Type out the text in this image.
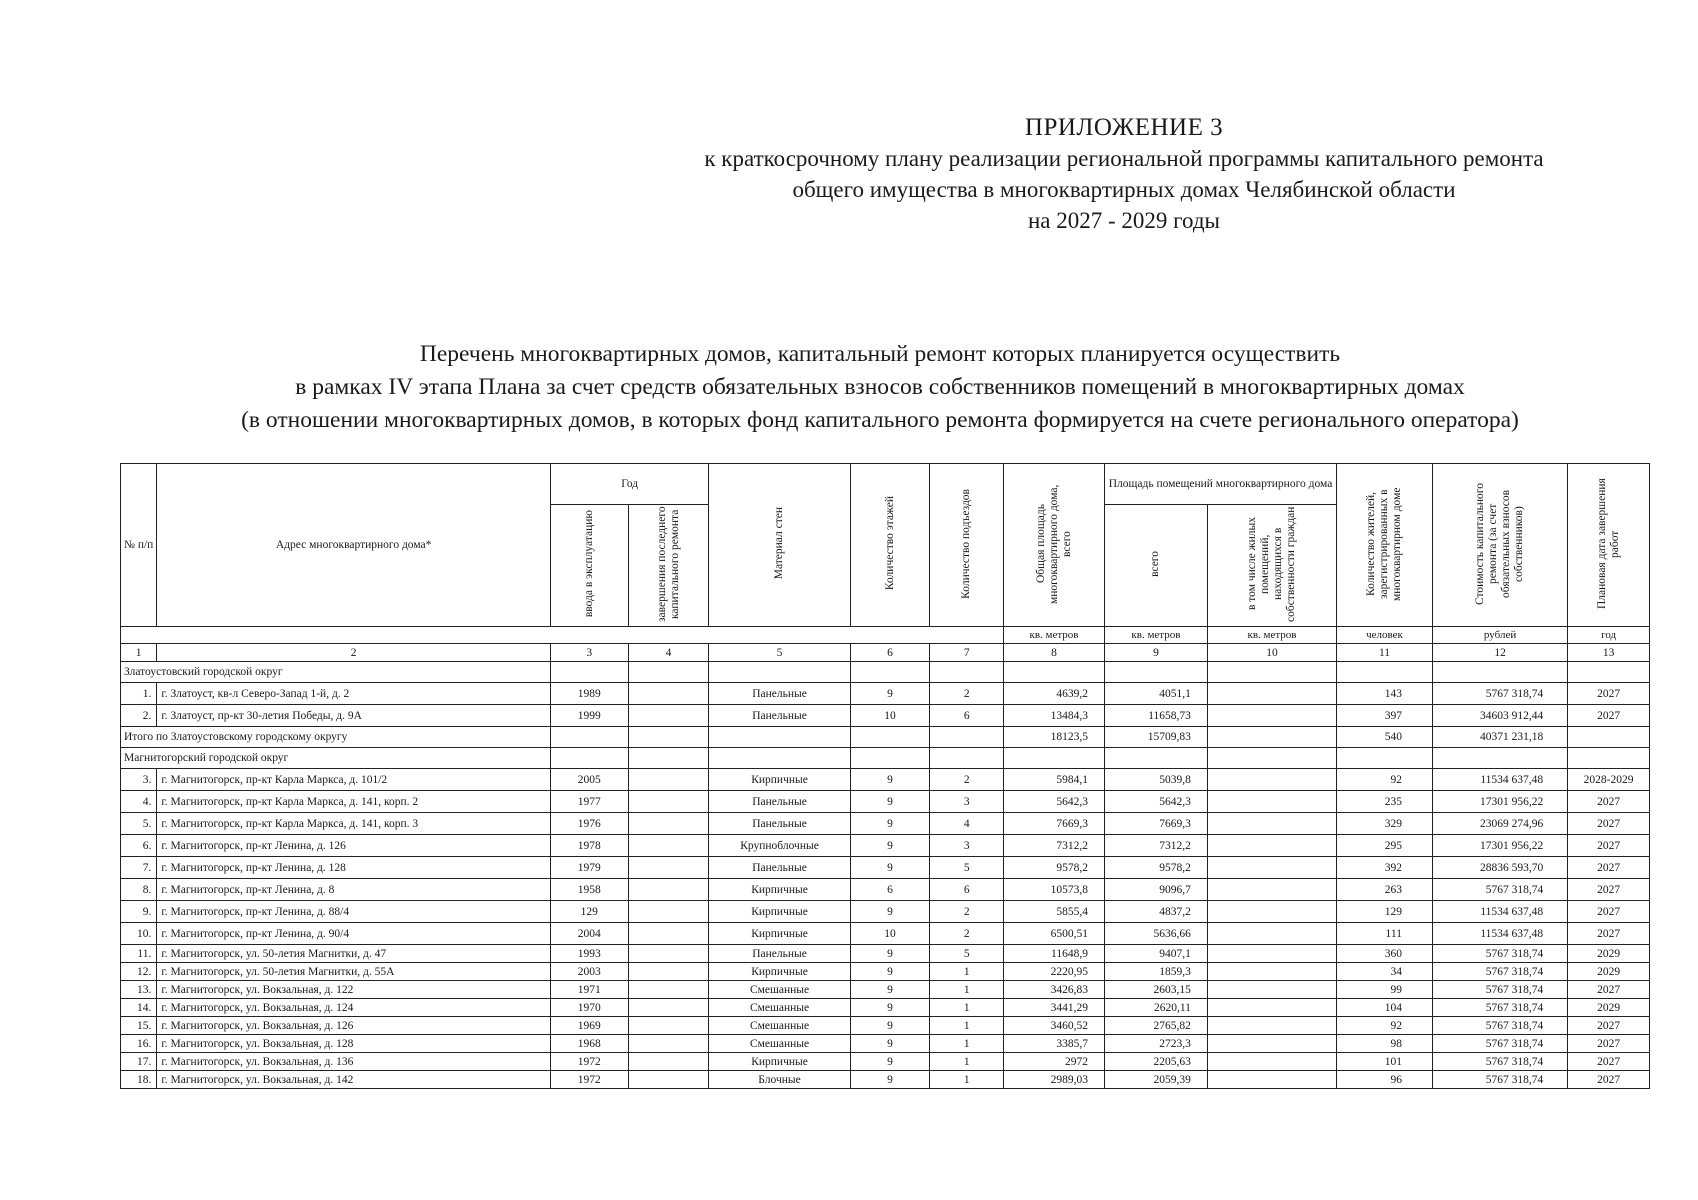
ПРИЛОЖЕНИЕ 3
к краткосрочному плану реализации региональной программы капитального ремонта
общего имущества в многоквартирных домах Челябинской области
на 2027 - 2029 годы
Перечень многоквартирных домов, капитальный ремонт которых планируется осуществить
в рамках IV этапа Плана за счет средств обязательных взносов собственников помещений в многоквартирных домах
(в отношении многоквартирных домов, в которых фонд капитального ремонта формируется на счете регионального оператора)
№ п/п	Адрес многоквартирного дома*	Год		Материал стен	Количество этажей	Количество подъездов	Общая площадь многоквартирного дома, всего	Площадь помещений многоквартирного дома		Количество жителей, зарегистрированных в многоквартирном доме	Стоимость капитального ремонта (за счет обязательных взносов собственников)	Плановая дата завершения работ
		ввода в эксплуатацию	завершения последнего капитального ремонта					всего	в том числе жилых помещений, находящихся в собственности граждан			
							кв. метров	кв. метров	кв. метров	человек	рублей	год
1	2	3	4	5	6	7	8	9	10	11	12	13
Златоустовский городской округ												
1.	г. Златоуст, кв-л Северо-Запад 1-й, д. 2	1989		Панельные	9	2	4639,2	4051,1		143	5767 318,74	2027
2.	г. Златоуст, пр-кт 30-летия Победы, д. 9А	1999		Панельные	10	6	13484,3	11658,73		397	34603 912,44	2027
Итого по Златоустовскому городскому округу							18123,5	15709,83		540	40371 231,18	
Магнитогорский городской округ												
3.	г. Магнитогорск, пр-кт Карла Маркса, д. 101/2	2005		Кирпичные	9	2	5984,1	5039,8		92	11534 637,48	2028-2029
4.	г. Магнитогорск, пр-кт Карла Маркса, д. 141, корп. 2	1977		Панельные	9	3	5642,3	5642,3		235	17301 956,22	2027
5.	г. Магнитогорск, пр-кт Карла Маркса, д. 141, корп. 3	1976		Панельные	9	4	7669,3	7669,3		329	23069 274,96	2027
6.	г. Магнитогорск, пр-кт Ленина, д. 126	1978		Крупноблочные	9	3	7312,2	7312,2		295	17301 956,22	2027
7.	г. Магнитогорск, пр-кт Ленина, д. 128	1979		Панельные	9	5	9578,2	9578,2		392	28836 593,70	2027
8.	г. Магнитогорск, пр-кт Ленина, д. 8	1958		Кирпичные	6	6	10573,8	9096,7		263	5767 318,74	2027
9.	г. Магнитогорск, пр-кт Ленина, д. 88/4	129		Кирпичные	9	2	5855,4	4837,2		129	11534 637,48	2027
10.	г. Магнитогорск, пр-кт Ленина, д. 90/4	2004		Кирпичные	10	2	6500,51	5636,66		111	11534 637,48	2027
11.	г. Магнитогорск, ул. 50-летия Магнитки, д. 47	1993		Панельные	9	5	11648,9	9407,1		360	5767 318,74	2029
12.	г. Магнитогорск, ул. 50-летия Магнитки, д. 55А	2003		Кирпичные	9	1	2220,95	1859,3		34	5767 318,74	2029
13.	г. Магнитогорск, ул. Вокзальная, д. 122	1971		Смешанные	9	1	3426,83	2603,15		99	5767 318,74	2027
14.	г. Магнитогорск, ул. Вокзальная, д. 124	1970		Смешанные	9	1	3441,29	2620,11		104	5767 318,74	2029
15.	г. Магнитогорск, ул. Вокзальная, д. 126	1969		Смешанные	9	1	3460,52	2765,82		92	5767 318,74	2027
16.	г. Магнитогорск, ул. Вокзальная, д. 128	1968		Смешанные	9	1	3385,7	2723,3		98	5767 318,74	2027
17.	г. Магнитогорск, ул. Вокзальная, д. 136	1972		Кирпичные	9	1	2972	2205,63		101	5767 318,74	2027
18.	г. Магнитогорск, ул. Вокзальная, д. 142	1972		Блочные	9	1	2989,03	2059,39		96	5767 318,74	2027
